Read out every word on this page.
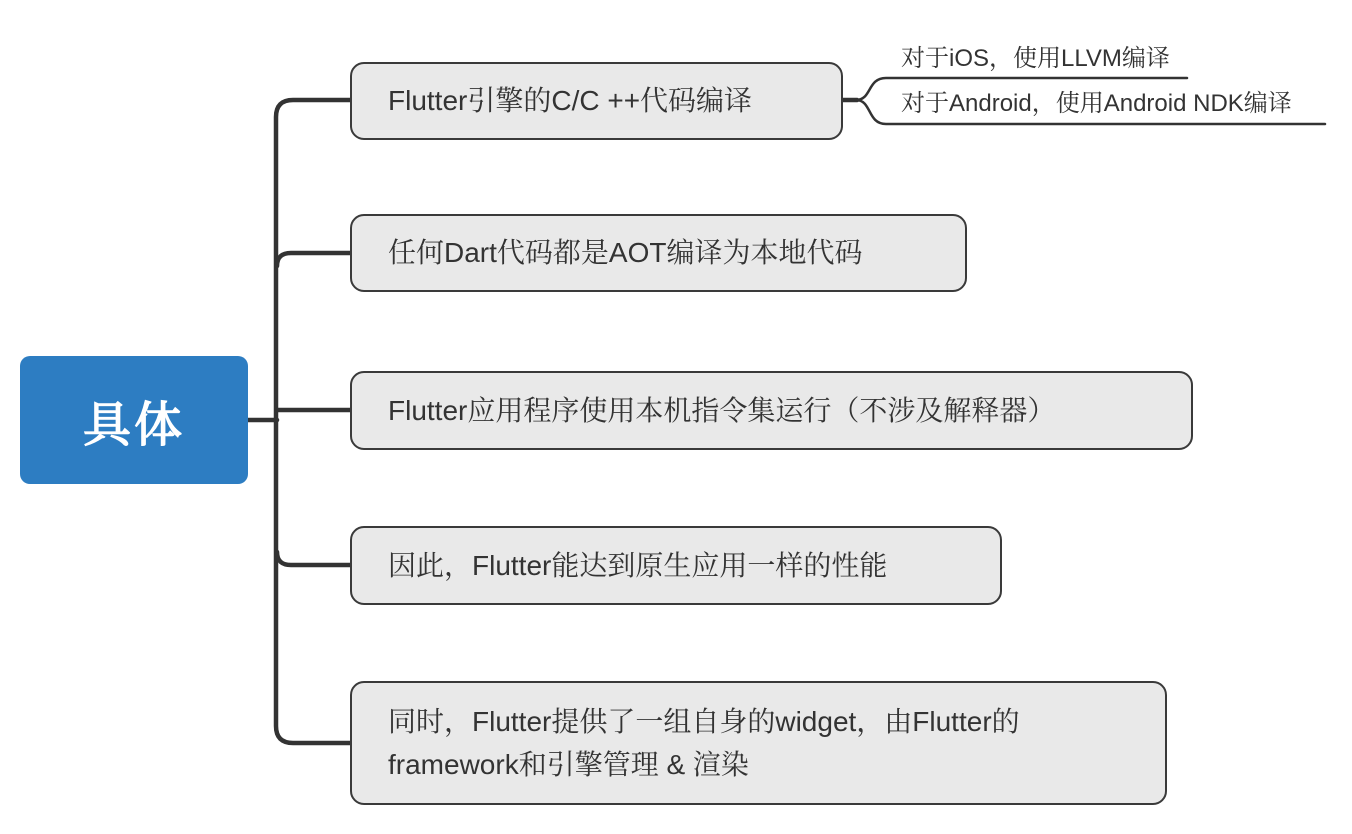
具体
Flutter引擎的C/C ++代码编译
任何Dart代码都是AOT编译为本地代码
Flutter应用程序使用本机指令集运行（不涉及解释器）
因此，Flutter能达到原生应用一样的性能
同时，Flutter提供了一组自身的widget，由Flutter的framework和引擎管理 & 渲染
对于iOS，使用LLVM编译
对于Android，使用Android NDK编译
